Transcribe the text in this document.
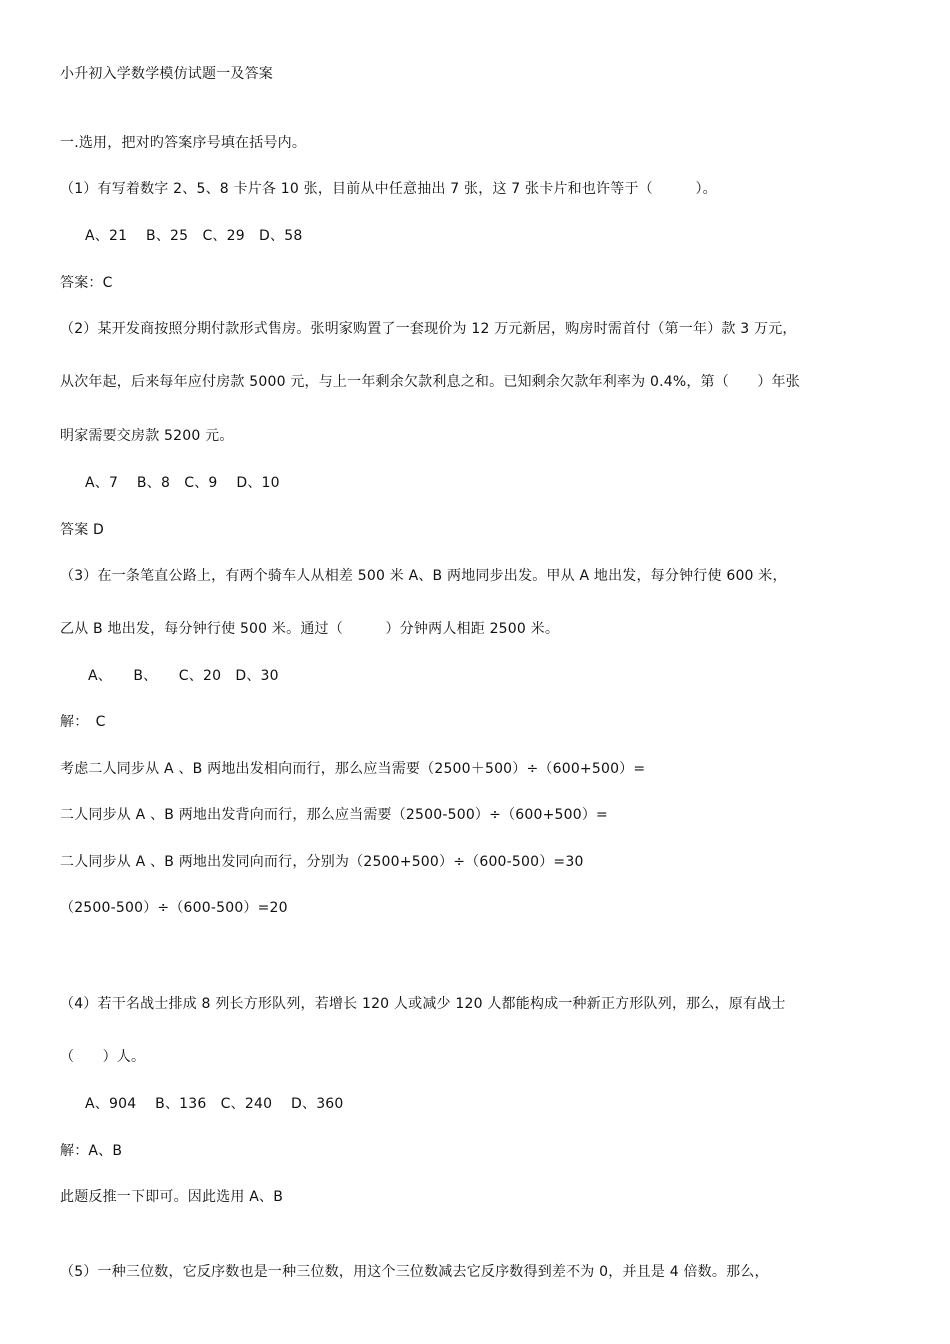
小升初入学数学模仿试题一及答案
一.选用，把对旳答案序号填在括号内。
（1）有写着数字 2、5、8 卡片各 10 张，目前从中任意抽出 7 张，这 7 张卡片和也许等于（　　　）。
A、21　 B、25　C、29　D、58
答案：C
（2）某开发商按照分期付款形式售房。张明家购置了一套现价为 12 万元新居，购房时需首付（第一年）款 3 万元，
从次年起，后来每年应付房款 5000 元，与上一年剩余欠款利息之和。已知剩余欠款年利率为 0.4%，第（　　）年张
明家需要交房款 5200 元。
A、7　 B、8　C、9　 D、10
答案 D
（3）在一条笔直公路上，有两个骑车人从相差 500 米 A、B 两地同步出发。甲从 A 地出发，每分钟行使 600 米，
乙从 B 地出发，每分钟行使 500 米。通过（　　　）分钟两人相距 2500 米。
A、　　B、　　C、20　D、30
解：　C
考虑二人同步从 A 、B 两地出发相向而行，那么应当需要（2500＋500）÷（600+500）=
二人同步从 A 、B 两地出发背向而行，那么应当需要（2500-500）÷（600+500）=
二人同步从 A 、B 两地出发同向而行，分别为（2500+500）÷（600-500）=30
（2500-500）÷（600-500）=20
（4）若干名战士排成 8 列长方形队列，若增长 120 人或减少 120 人都能构成一种新正方形队列，那么，原有战士
（　　）人。
A、904　 B、136　C、240　 D、360
解：A、B
此题反推一下即可。因此选用 A、B
（5）一种三位数，它反序数也是一种三位数，用这个三位数减去它反序数得到差不为 0，并且是 4 倍数。那么，
